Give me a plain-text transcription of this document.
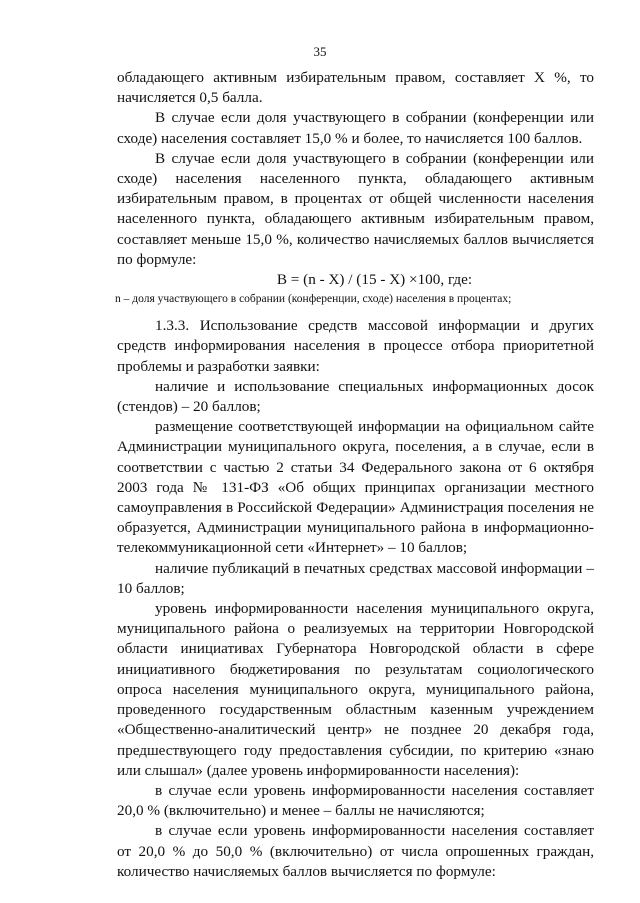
35

обладающего активным избирательным правом, составляет Х %, то начисляется 0,5 балла.

В случае если доля участвующего в собрании (конференции или сходе) населения составляет 15,0 % и более, то начисляется 100 баллов.

В случае если доля участвующего в собрании (конференции или сходе) населения населенного пункта, обладающего активным избирательным правом, в процентах от общей численности населения населенного пункта, обладающего активным избирательным правом, составляет меньше 15,0 %, количество начисляемых баллов вычисляется по формуле:

В = (n - Х) / (15 - Х) ×100, где:

n – доля участвующего в собрании (конференции, сходе) населения в процентах;

1.3.3. Использование средств массовой информации и других средств информирования населения в процессе отбора приоритетной проблемы и разработки заявки:

наличие и использование специальных информационных досок (стендов) – 20 баллов;

размещение соответствующей информации на официальном сайте Администрации муниципального округа, поселения, а в случае, если в соответствии с частью 2 статьи 34 Федерального закона от 6 октября 2003 года № 131-ФЗ «Об общих принципах организации местного самоуправления в Российской Федерации» Администрация поселения не образуется, Администрации муниципального района в информационно-телекоммуникационной сети «Интернет» – 10 баллов;

наличие публикаций в печатных средствах массовой информации – 10 баллов;

уровень информированности населения муниципального округа, муниципального района о реализуемых на территории Новгородской области инициативах Губернатора Новгородской области в сфере инициативного бюджетирования по результатам социологического опроса населения муниципального округа, муниципального района, проведенного государственным областным казенным учреждением «Общественно-аналитический центр» не позднее 20 декабря года, предшествующего году предоставления субсидии, по критерию «знаю или слышал» (далее уровень информированности населения):

в случае если уровень информированности населения составляет 20,0 % (включительно) и менее – баллы не начисляются;

в случае если уровень информированности населения составляет от 20,0 % до 50,0 % (включительно) от числа опрошенных граждан, количество начисляемых баллов вычисляется по формуле:
